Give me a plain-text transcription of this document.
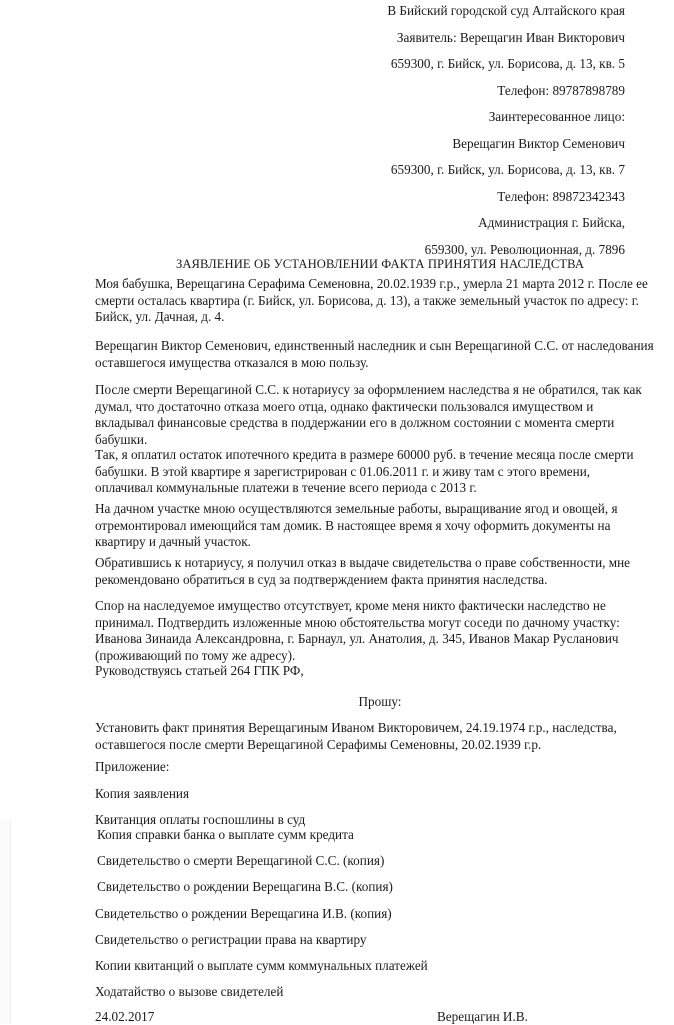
В Бийский городской суд Алтайского края
Заявитель: Верещагин Иван Викторович
659300, г. Бийск, ул. Борисова, д. 13, кв. 5
Телефон: 89787898789
Заинтересованное лицо:
Верещагин Виктор Семенович
659300, г. Бийск, ул. Борисова, д. 13, кв. 7
Телефон: 89872342343
Администрация г. Бийска,
659300, ул. Революционная, д. 7896
ЗАЯВЛЕНИЕ ОБ УСТАНОВЛЕНИИ ФАКТА ПРИНЯТИЯ НАСЛЕДСТВА
Моя бабушка, Верещагина Серафима Семеновна, 20.02.1939 г.р., умерла 21 марта 2012 г. После ее
смерти осталась квартира (г. Бийск, ул. Борисова, д. 13), а также земельный участок по адресу: г.
Бийск, ул. Дачная, д. 4.
Верещагин Виктор Семенович, единственный наследник и сын Верещагиной С.С. от наследования
оставшегося имущества отказался в мою пользу.
После смерти Верещагиной С.С. к нотариусу за оформлением наследства я не обратился, так как
думал, что достаточно отказа моего отца, однако фактически пользовался имуществом и
вкладывал финансовые средства в поддержании его в должном состоянии с момента смерти
бабушки.
Так, я оплатил остаток ипотечного кредита в размере 60000 руб. в течение месяца после смерти
бабушки. В этой квартире я зарегистрирован с 01.06.2011 г. и живу там с этого времени,
оплачивал коммунальные платежи в течение всего периода с 2013 г.
На дачном участке мною осуществляются земельные работы, выращивание ягод и овощей, я
отремонтировал имеющийся там домик. В настоящее время я хочу оформить документы на
квартиру и дачный участок.
Обратившись к нотариусу, я получил отказ в выдаче свидетельства о праве собственности, мне
рекомендовано обратиться в суд за подтверждением факта принятия наследства.
Спор на наследуемое имущество отсутствует, кроме меня никто фактически наследство не
принимал. Подтвердить изложенные мною обстоятельства могут соседи по дачному участку:
Иванова Зинаида Александровна, г. Барнаул, ул. Анатолия, д. 345, Иванов Макар Русланович
(проживающий по тому же адресу).
Руководствуясь статьей 264 ГПК РФ,
Прошу:
Установить факт принятия Верещагиным Иваном Викторовичем, 24.19.1974 г.р., наследства,
оставшегося после смерти Верещагиной Серафимы Семеновны, 20.02.1939 г.р.
Приложение:
Копия заявления
Квитанция оплаты госпошлины в суд
Копия справки банка о выплате сумм кредита
Свидетельство о смерти Верещагиной С.С. (копия)
Свидетельство о рождении Верещагина В.С. (копия)
Свидетельство о рождении Верещагина И.В. (копия)
Свидетельство о регистрации права на квартиру
Копии квитанций о выплате сумм коммунальных платежей
Ходатайство о вызове свидетелей
24.02.2017	Верещагин И.В.
